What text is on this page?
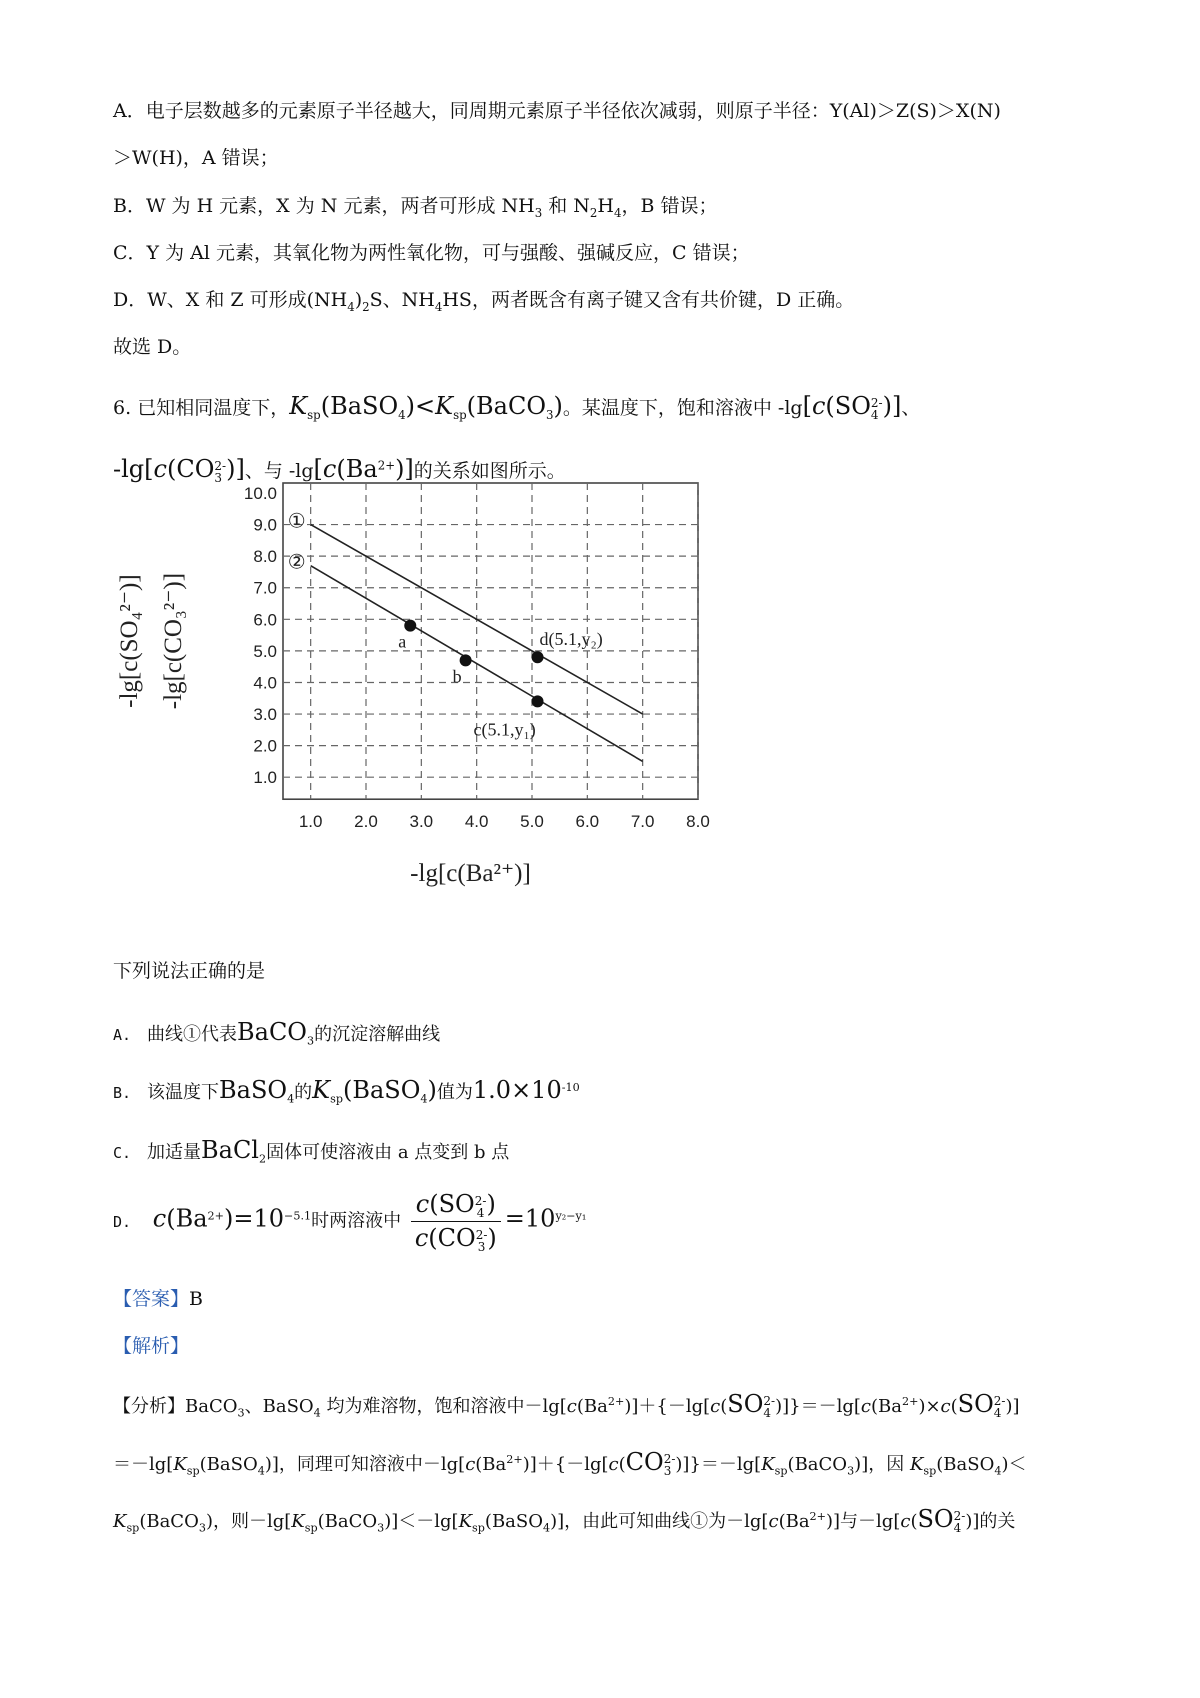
A．电子层数越多的元素原子半径越大，同周期元素原子半径依次减弱，则原子半径：Y(Al)＞Z(S)＞X(N)
＞W(H)，A 错误；
B．W 为 H 元素，X 为 N 元素，两者可形成 $NH_3$ 和 $N_2H_4$，B 错误；
C．Y 为 Al 元素，其氧化物为两性氧化物，可与强酸、强碱反应，C 错误；
D．W、X 和 Z 可形成$(NH_4)_2S$、$NH_4HS$，两者既含有离子键又含有共价键，D 正确。
故选 D。
6. 已知相同温度下，$K_{sp}(BaSO_4)<K_{sp}(BaCO_3)$。某温度下，饱和溶液中 -lg[c(SO 2-
4 )]、
-lg[c(CO 2-
3 )]、与 $-\lg[c(Ba^{2+})]$的关系如图所示。
1.0 2.0 3.0 4.0 5.0 6.0 7.0 8.0
1.0
2.0
3.0
4.0
5.0
6.0
7.0
8.0
9.0
10.0
①
②
a
b
c(5.1,y₁)
d(5.1,y₂)
-lg[c(Ba²⁺)]
-lg[c(SO₄²⁻)] -lg[c(CO₃²⁻)]
下列说法正确的是
A. 曲线①代表BaCO$_3$的沉淀溶解曲线
B. 该温度下BaSO$_4$的$K_{sp}(BaSO_4)$值为$1.0\times 10^{-10}$
C. 加适量BaCl$_2$固体可使溶液由 a 点变到 b 点
D. $c(Ba^{2+})=10^{-5.1}$时两溶液中 c(SO 2-
4 )
c(CO 2-
3 ) $=10^{y_2-y_1}$
【答案】B
【解析】
【分析】BaCO$_3$、BaSO$_4$ 均为难溶物，饱和溶液中$-\lg[c(Ba^{2+})]+\{-\lg[c(SO$ 2-
4 )]}$=-\lg[c(Ba^{2+})\times c(SO$ 2-
4 )]
$=-\lg[K_{sp}(BaSO_4)]$，同理可知溶液中$-\lg[c(Ba^{2+})]+\{-\lg[c(CO$ 2-
3 )]}$=-\lg[K_{sp}(BaCO_3)]$，因 $K_{sp}(BaSO_4)<$
$K_{sp}(BaCO_3)$，则$-\lg[K_{sp}(BaCO_3)]<-\lg[K_{sp}(BaSO_4)]$，由此可知曲线①为$-\lg[c(Ba^{2+})]$与－lg[c(SO 2-
4 )]的关
